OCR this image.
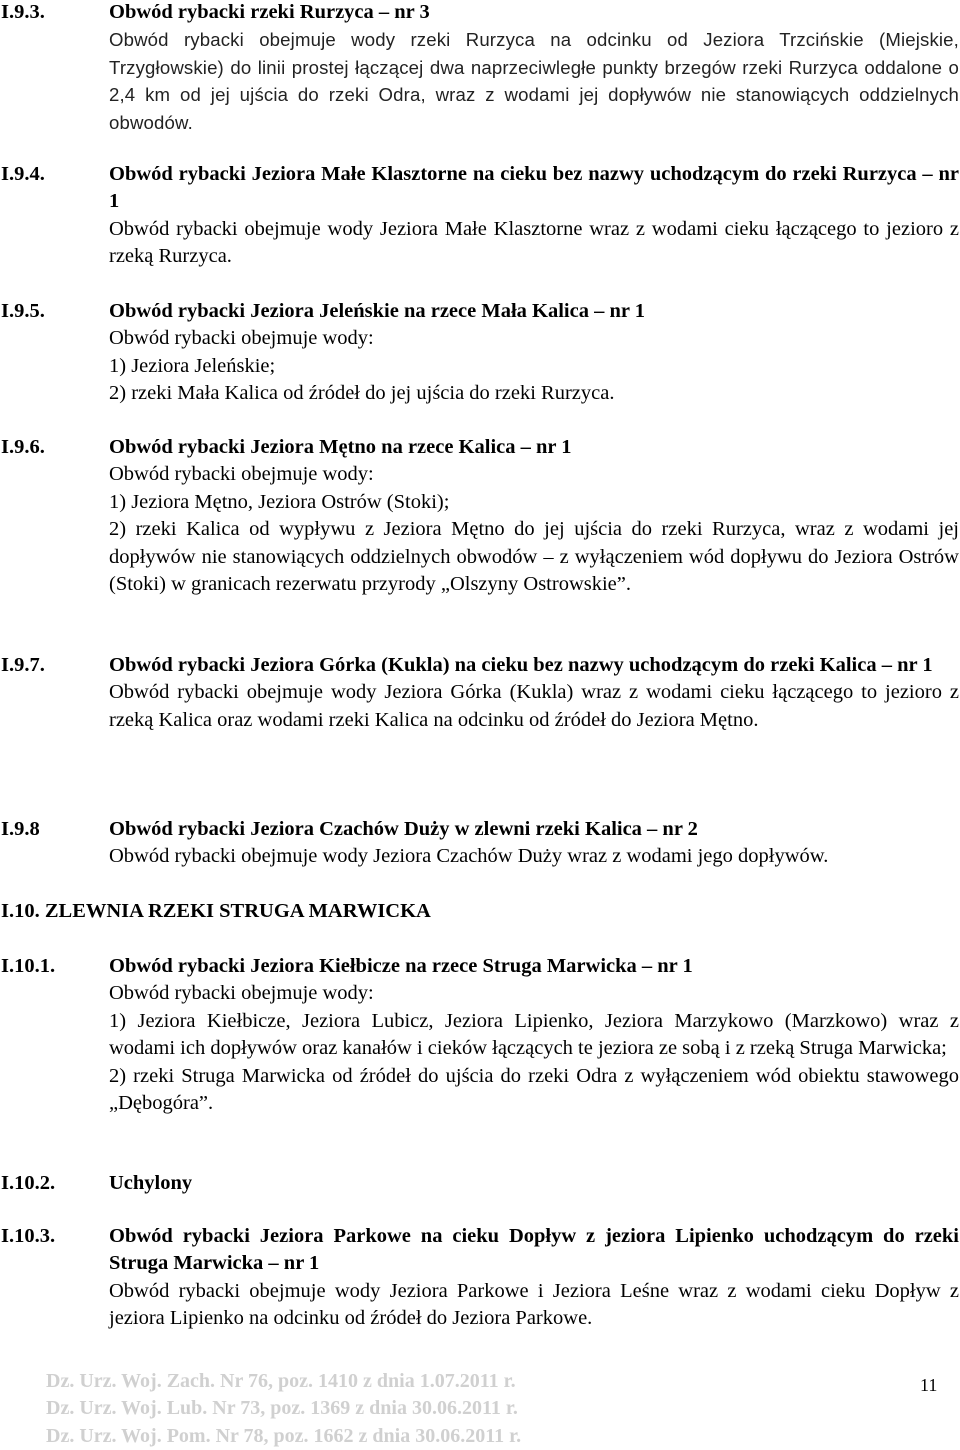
I.9.3.	Obwód rybacki rzeki Rurzyca – nr 3
Obwód rybacki obejmuje wody rzeki Rurzyca na odcinku od Jeziora Trzcińskie (Miejskie, Trzygłowskie) do linii prostej łączącej dwa naprzeciwległe punkty brzegów rzeki Rurzyca oddalone o 2,4 km od jej ujścia do rzeki Odra, wraz z wodami jej dopływów nie stanowiących oddzielnych obwodów.
I.9.4.	Obwód rybacki Jeziora Małe Klasztorne na cieku bez nazwy uchodzącym do rzeki Rurzyca – nr 1
Obwód rybacki obejmuje wody Jeziora Małe Klasztorne wraz z wodami cieku łączącego to jezioro z rzeką Rurzyca.
I.9.5.	Obwód rybacki Jeziora Jeleńskie na rzece Mała Kalica – nr 1
Obwód rybacki obejmuje wody:
1) Jeziora Jeleńskie;
2) rzeki Mała Kalica od źródeł do jej ujścia do rzeki Rurzyca.
I.9.6.	Obwód rybacki Jeziora Mętno na rzece Kalica – nr 1
Obwód rybacki obejmuje wody:
1) Jeziora Mętno, Jeziora Ostrów (Stoki);
2) rzeki Kalica od wypływu z Jeziora Mętno do jej ujścia do rzeki Rurzyca, wraz z wodami jej dopływów nie stanowiących oddzielnych obwodów – z wyłączeniem wód dopływu do Jeziora Ostrów (Stoki) w granicach rezerwatu przyrody „Olszyny Ostrowskie”.
I.9.7.	Obwód rybacki Jeziora Górka (Kukla) na cieku bez nazwy uchodzącym do rzeki Kalica – nr 1
Obwód rybacki obejmuje wody Jeziora Górka (Kukla) wraz z wodami cieku łączącego to jezioro z rzeką Kalica oraz wodami rzeki Kalica na odcinku od źródeł do Jeziora Mętno.
I.9.8	Obwód rybacki Jeziora Czachów Duży w zlewni rzeki Kalica – nr 2
Obwód rybacki obejmuje wody Jeziora Czachów Duży wraz z wodami jego dopływów.
I.10. ZLEWNIA RZEKI STRUGA MARWICKA
I.10.1.	Obwód rybacki Jeziora Kiełbicze na rzece Struga Marwicka – nr 1
Obwód rybacki obejmuje wody:
1) Jeziora Kiełbicze, Jeziora Lubicz, Jeziora Lipienko, Jeziora Marzykowo (Marzkowo) wraz z wodami ich dopływów oraz kanałów i cieków łączących te jeziora ze sobą i z rzeką Struga Marwicka;
2) rzeki Struga Marwicka od źródeł do ujścia do rzeki Odra z wyłączeniem wód obiektu stawowego „Dębogóra”.
I.10.2.	Uchylony
I.10.3.	Obwód rybacki Jeziora Parkowe na cieku Dopływ z jeziora Lipienko uchodzącym do rzeki Struga Marwicka – nr 1
Obwód rybacki obejmuje wody Jeziora Parkowe i Jeziora Leśne wraz z wodami cieku Dopływ z jeziora Lipienko na odcinku od źródeł do Jeziora Parkowe.
Dz. Urz. Woj. Zach. Nr 76, poz. 1410 z dnia 1.07.2011 r.
Dz. Urz. Woj. Lub. Nr 73, poz. 1369 z dnia 30.06.2011 r.
Dz. Urz. Woj. Pom. Nr 78, poz. 1662 z dnia 30.06.2011 r.
11
